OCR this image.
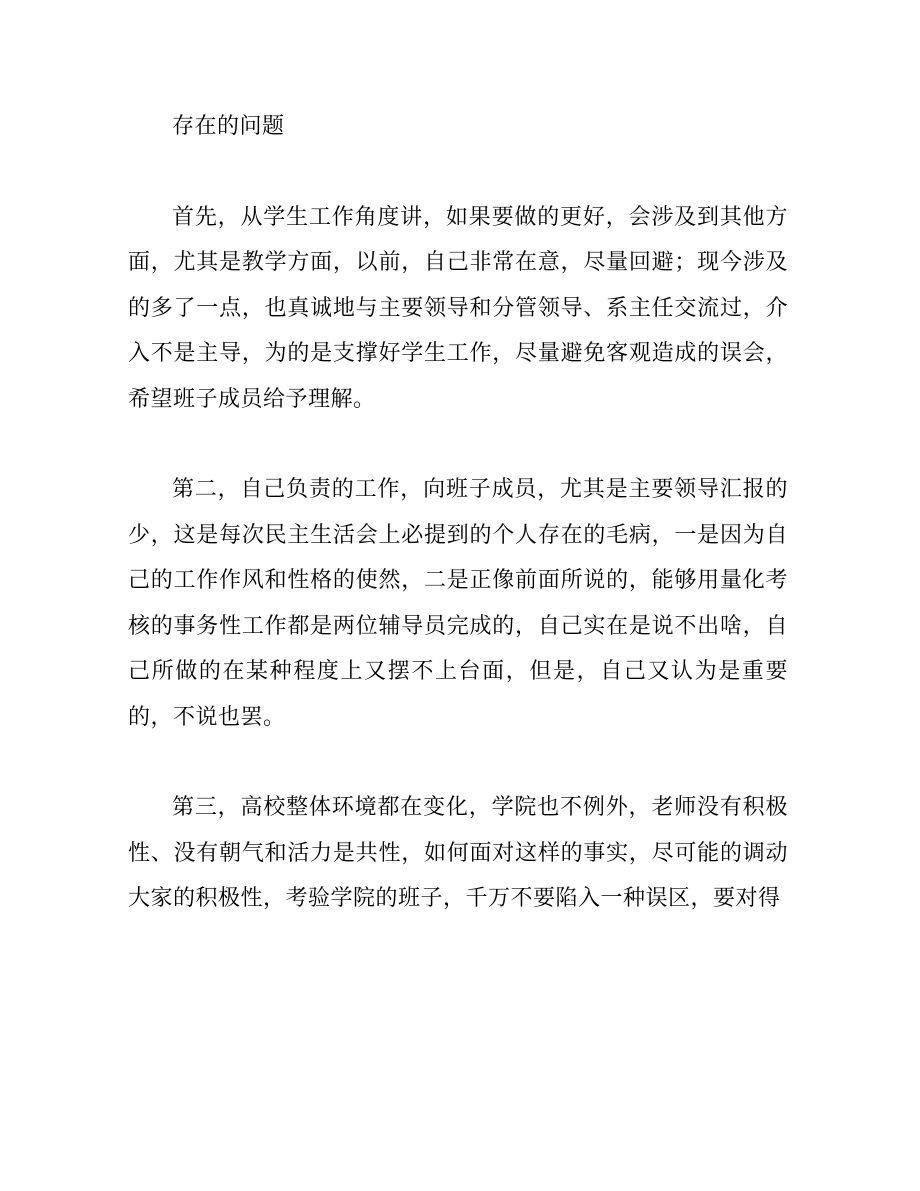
存在的问题

首先，从学生工作角度讲，如果要做的更好，会涉及到其他方面，尤其是教学方面，以前，自己非常在意，尽量回避；现今涉及的多了一点，也真诚地与主要领导和分管领导、系主任交流过，介入不是主导，为的是支撑好学生工作，尽量避免客观造成的误会，希望班子成员给予理解。

第二，自己负责的工作，向班子成员，尤其是主要领导汇报的少，这是每次民主生活会上必提到的个人存在的毛病，一是因为自己的工作作风和性格的使然，二是正像前面所说的，能够用量化考核的事务性工作都是两位辅导员完成的，自己实在是说不出啥，自己所做的在某种程度上又摆不上台面，但是，自己又认为是重要的，不说也罢。

第三，高校整体环境都在变化，学院也不例外，老师没有积极性、没有朝气和活力是共性，如何面对这样的事实，尽可能的调动大家的积极性，考验学院的班子，千万不要陷入一种误区，要对得
